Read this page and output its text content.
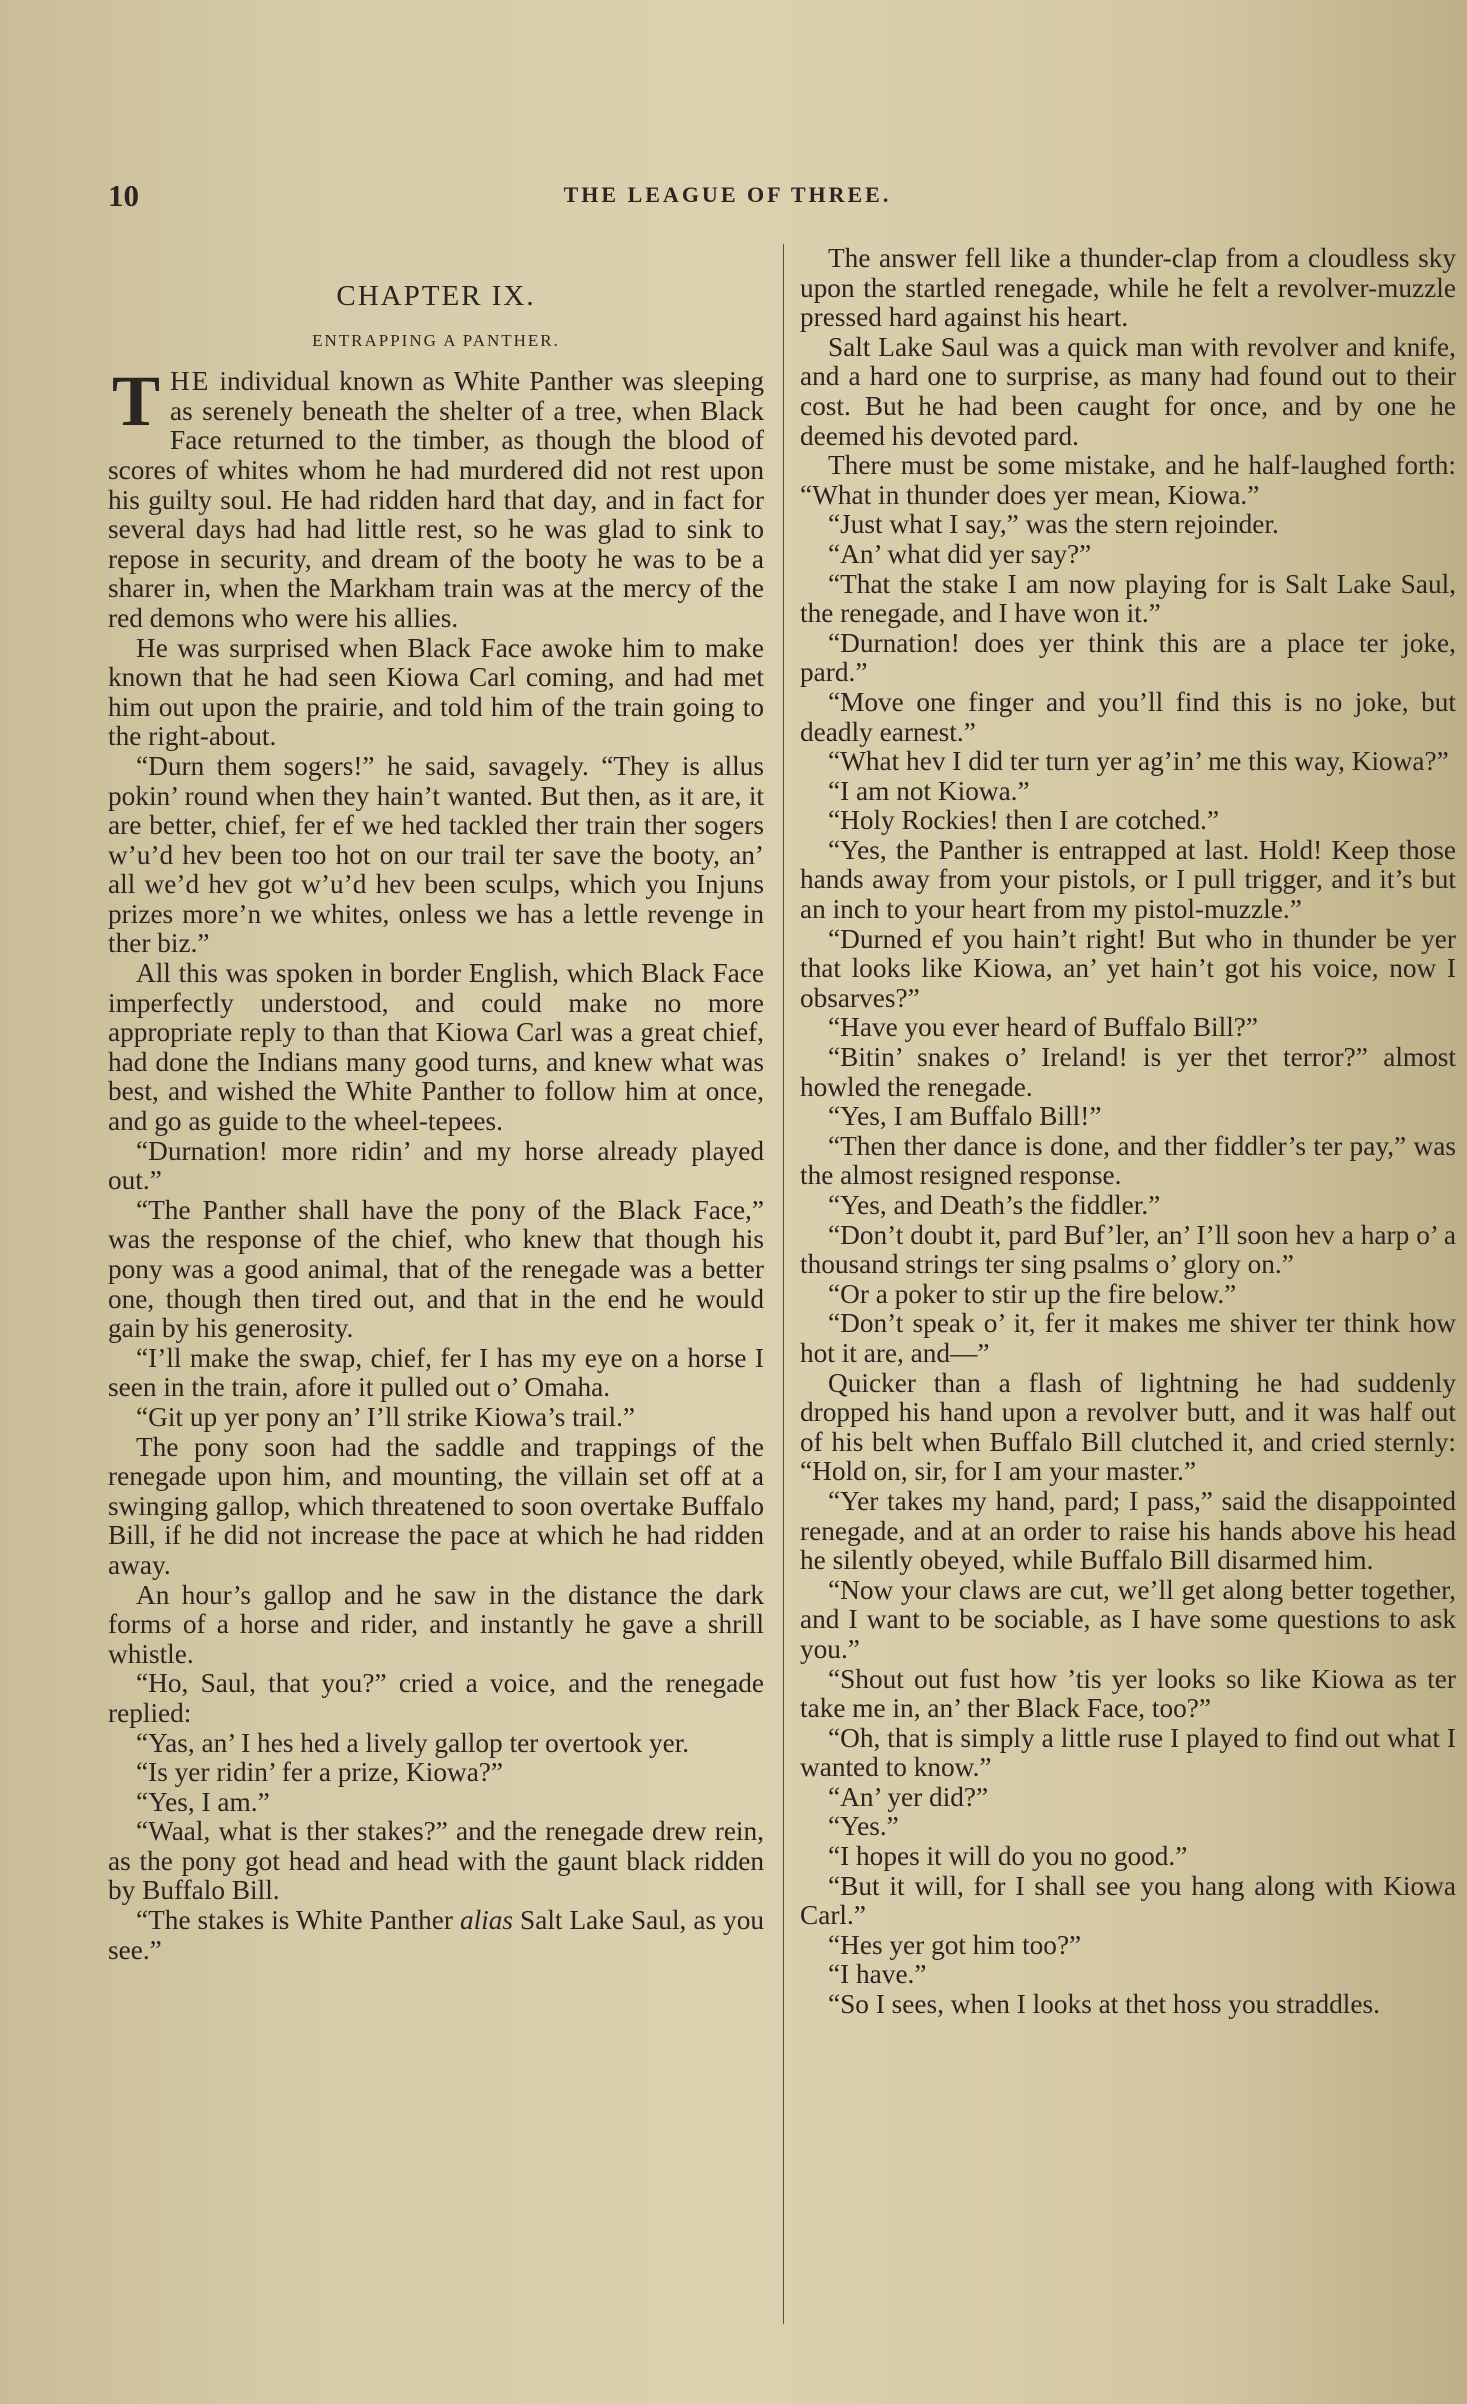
10	THE LEAGUE OF THREE.
CHAPTER IX.
ENTRAPPING A PANTHER.

THE individual known as White Panther was sleeping as serenely beneath the shelter of a tree, when Black Face returned to the timber, as though the blood of scores of whites whom he had murdered did not rest upon his guilty soul. He had ridden hard that day, and in fact for several days had had little rest, so he was glad to sink to repose in security, and dream of the booty he was to be a sharer in, when the Markham train was at the mercy of the red demons who were his allies.

He was surprised when Black Face awoke him to make known that he had seen Kiowa Carl coming, and had met him out upon the prairie, and told him of the train going to the right-about.

“Durn them sogers!” he said, savagely. “They is allus pokin’ round when they hain’t wanted. But then, as it are, it are better, chief, fer ef we hed tackled ther train ther sogers w’u’d hev been too hot on our trail ter save the booty, an’ all we’d hev got w’u’d hev been sculps, which you Injuns prizes more’n we whites, onless we has a lettle revenge in ther biz.”

All this was spoken in border English, which Black Face imperfectly understood, and could make no more appropriate reply to than that Kiowa Carl was a great chief, had done the Indians many good turns, and knew what was best, and wished the White Panther to follow him at once, and go as guide to the wheel-tepees.

“Durnation! more ridin’ and my horse already played out.”

“The Panther shall have the pony of the Black Face,” was the response of the chief, who knew that though his pony was a good animal, that of the renegade was a better one, though then tired out, and that in the end he would gain by his generosity.

“I’ll make the swap, chief, fer I has my eye on a horse I seen in the train, afore it pulled out o’ Omaha.

“Git up yer pony an’ I’ll strike Kiowa’s trail.”

The pony soon had the saddle and trappings of the renegade upon him, and mounting, the villain set off at a swinging gallop, which threatened to soon overtake Buffalo Bill, if he did not increase the pace at which he had ridden away.

An hour’s gallop and he saw in the distance the dark forms of a horse and rider, and instantly he gave a shrill whistle.

“Ho, Saul, that you?” cried a voice, and the renegade replied:

“Yas, an’ I hes hed a lively gallop ter overtook yer.

“Is yer ridin’ fer a prize, Kiowa?”

“Yes, I am.”

“Waal, what is ther stakes?” and the renegade drew rein, as the pony got head and head with the gaunt black ridden by Buffalo Bill.

“The stakes is White Panther alias Salt Lake Saul, as you see.”

The answer fell like a thunder-clap from a cloudless sky upon the startled renegade, while he felt a revolver-muzzle pressed hard against his heart.

Salt Lake Saul was a quick man with revolver and knife, and a hard one to surprise, as many had found out to their cost. But he had been caught for once, and by one he deemed his devoted pard.

There must be some mistake, and he half-laughed forth: “What in thunder does yer mean, Kiowa.”

“Just what I say,” was the stern rejoinder.

“An’ what did yer say?”

“That the stake I am now playing for is Salt Lake Saul, the renegade, and I have won it.”

“Durnation! does yer think this are a place ter joke, pard.”

“Move one finger and you’ll find this is no joke, but deadly earnest.”

“What hev I did ter turn yer ag’in’ me this way, Kiowa?”

“I am not Kiowa.”

“Holy Rockies! then I are cotched.”

“Yes, the Panther is entrapped at last. Hold! Keep those hands away from your pistols, or I pull trigger, and it’s but an inch to your heart from my pistol-muzzle.”

“Durned ef you hain’t right! But who in thunder be yer that looks like Kiowa, an’ yet hain’t got his voice, now I obsarves?”

“Have you ever heard of Buffalo Bill?”

“Bitin’ snakes o’ Ireland! is yer thet terror?” almost howled the renegade.

“Yes, I am Buffalo Bill!”

“Then ther dance is done, and ther fiddler’s ter pay,” was the almost resigned response.

“Yes, and Death’s the fiddler.”

“Don’t doubt it, pard Buf’ler, an’ I’ll soon hev a harp o’ a thousand strings ter sing psalms o’ glory on.”

“Or a poker to stir up the fire below.”

“Don’t speak o’ it, fer it makes me shiver ter think how hot it are, and—”

Quicker than a flash of lightning he had suddenly dropped his hand upon a revolver butt, and it was half out of his belt when Buffalo Bill clutched it, and cried sternly: “Hold on, sir, for I am your master.”

“Yer takes my hand, pard; I pass,” said the disappointed renegade, and at an order to raise his hands above his head he silently obeyed, while Buffalo Bill disarmed him.

“Now your claws are cut, we’ll get along better together, and I want to be sociable, as I have some questions to ask you.”

“Shout out fust how ’tis yer looks so like Kiowa as ter take me in, an’ ther Black Face, too?”

“Oh, that is simply a little ruse I played to find out what I wanted to know.”

“An’ yer did?”

“Yes.”

“I hopes it will do you no good.”

“But it will, for I shall see you hang along with Kiowa Carl.”

“Hes yer got him too?”

“I have.”

“So I sees, when I looks at thet hoss you straddles.
